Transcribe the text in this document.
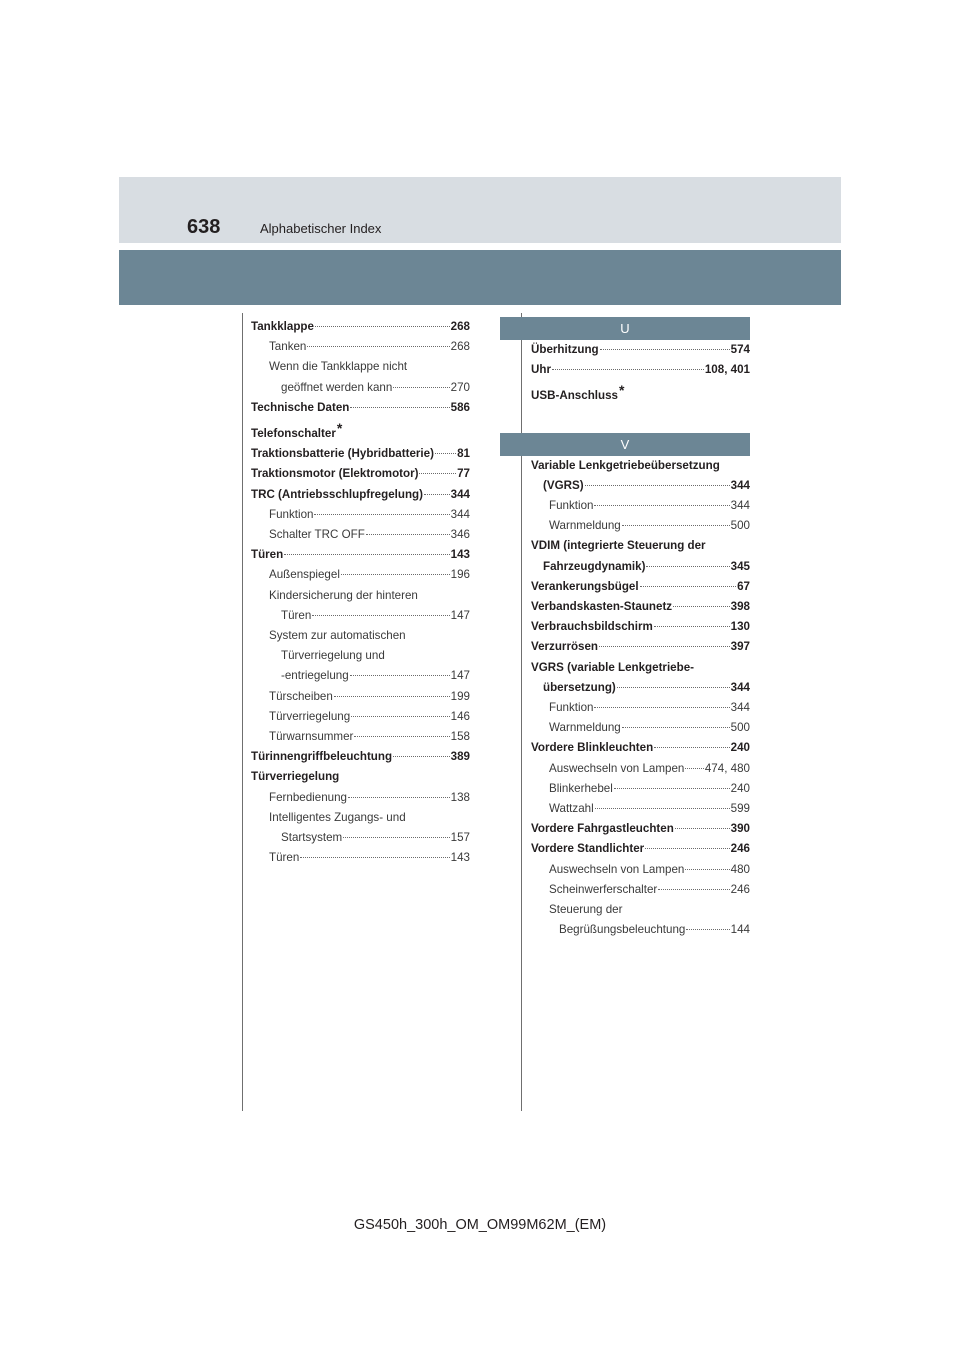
638	Alphabetischer Index
Tankklappe	268
Tanken	268
Wenn die Tankklappe nicht
geöffnet werden kann	270
Technische Daten	586
Telefonschalter*
Traktionsbatterie (Hybridbatterie) 81
Traktionsmotor (Elektromotor)	77
TRC (Antriebsschlupfregelung) 344
Funktion	344
Schalter TRC OFF	346
Türen	143
Außenspiegel	196
Kindersicherung der hinteren
Türen	147
System zur automatischen
Türverriegelung und
-entriegelung	147
Türscheiben	199
Türverriegelung	146
Türwarnsummer	158
Türinnengriffbeleuchtung	389
Türverriegelung
Fernbedienung	138
Intelligentes Zugangs- und
Startsystem	157
Türen	143
U
Überhitzung	574
Uhr	108, 401
USB-Anschluss*
V
Variable Lenkgetriebeübersetzung
(VGRS)	344
Funktion	344
Warnmeldung	500
VDIM (integrierte Steuerung der
Fahrzeugdynamik)	345
Verankerungsbügel	67
Verbandskasten-Staunetz	398
Verbrauchsbildschirm	130
Verzurrösen	397
VGRS (variable Lenkgetriebe-
übersetzung)	344
Funktion	344
Warnmeldung	500
Vordere Blinkleuchten	240
Auswechseln von Lampen 474, 480
Blinkerhebel	240
Wattzahl	599
Vordere Fahrgastleuchten	390
Vordere Standlichter	246
Auswechseln von Lampen	480
Scheinwerferschalter	246
Steuerung der
Begrüßungsbeleuchtung	144
GS450h_300h_OM_OM99M62M_(EM)
